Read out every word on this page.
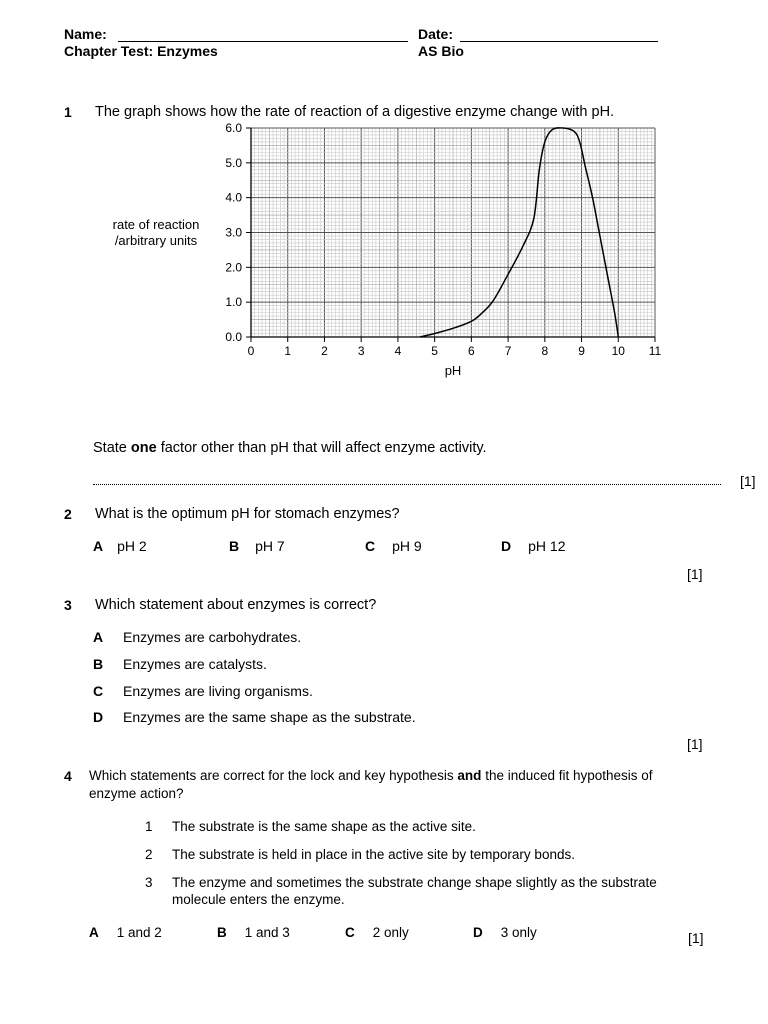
Name:	Date:
Chapter Test: Enzymes	AS Bio
1 The graph shows how the rate of reaction of a digestive enzyme change with pH.
0	1	2	3	4	5	6	7	8	9 10 11
0.0
1.0
2.0
3.0
4.0
5.0
6.0
rate of reaction
/arbitrary units
pH
State one factor other than pH that will affect enzyme activity.
[1]
2 What is the optimum pH for stomach enzymes?
A pH 2	B pH 7	C pH 9	D pH 12
[1]
3 Which statement about enzymes is correct?
A Enzymes are carbohydrates.
B Enzymes are catalysts.
C Enzymes are living organisms.
D Enzymes are the same shape as the substrate.
[1]
4 Which statements are correct for the lock and key hypothesis and the induced fit hypothesis of
enzyme action?
1 The substrate is the same shape as the active site.
2 The substrate is held in place in the active site by temporary bonds.
3 The enzyme and sometimes the substrate change shape slightly as the substrate
molecule enters the enzyme.
A 1 and 2	B 1 and 3	C 2 only	D 3 only	[1]
